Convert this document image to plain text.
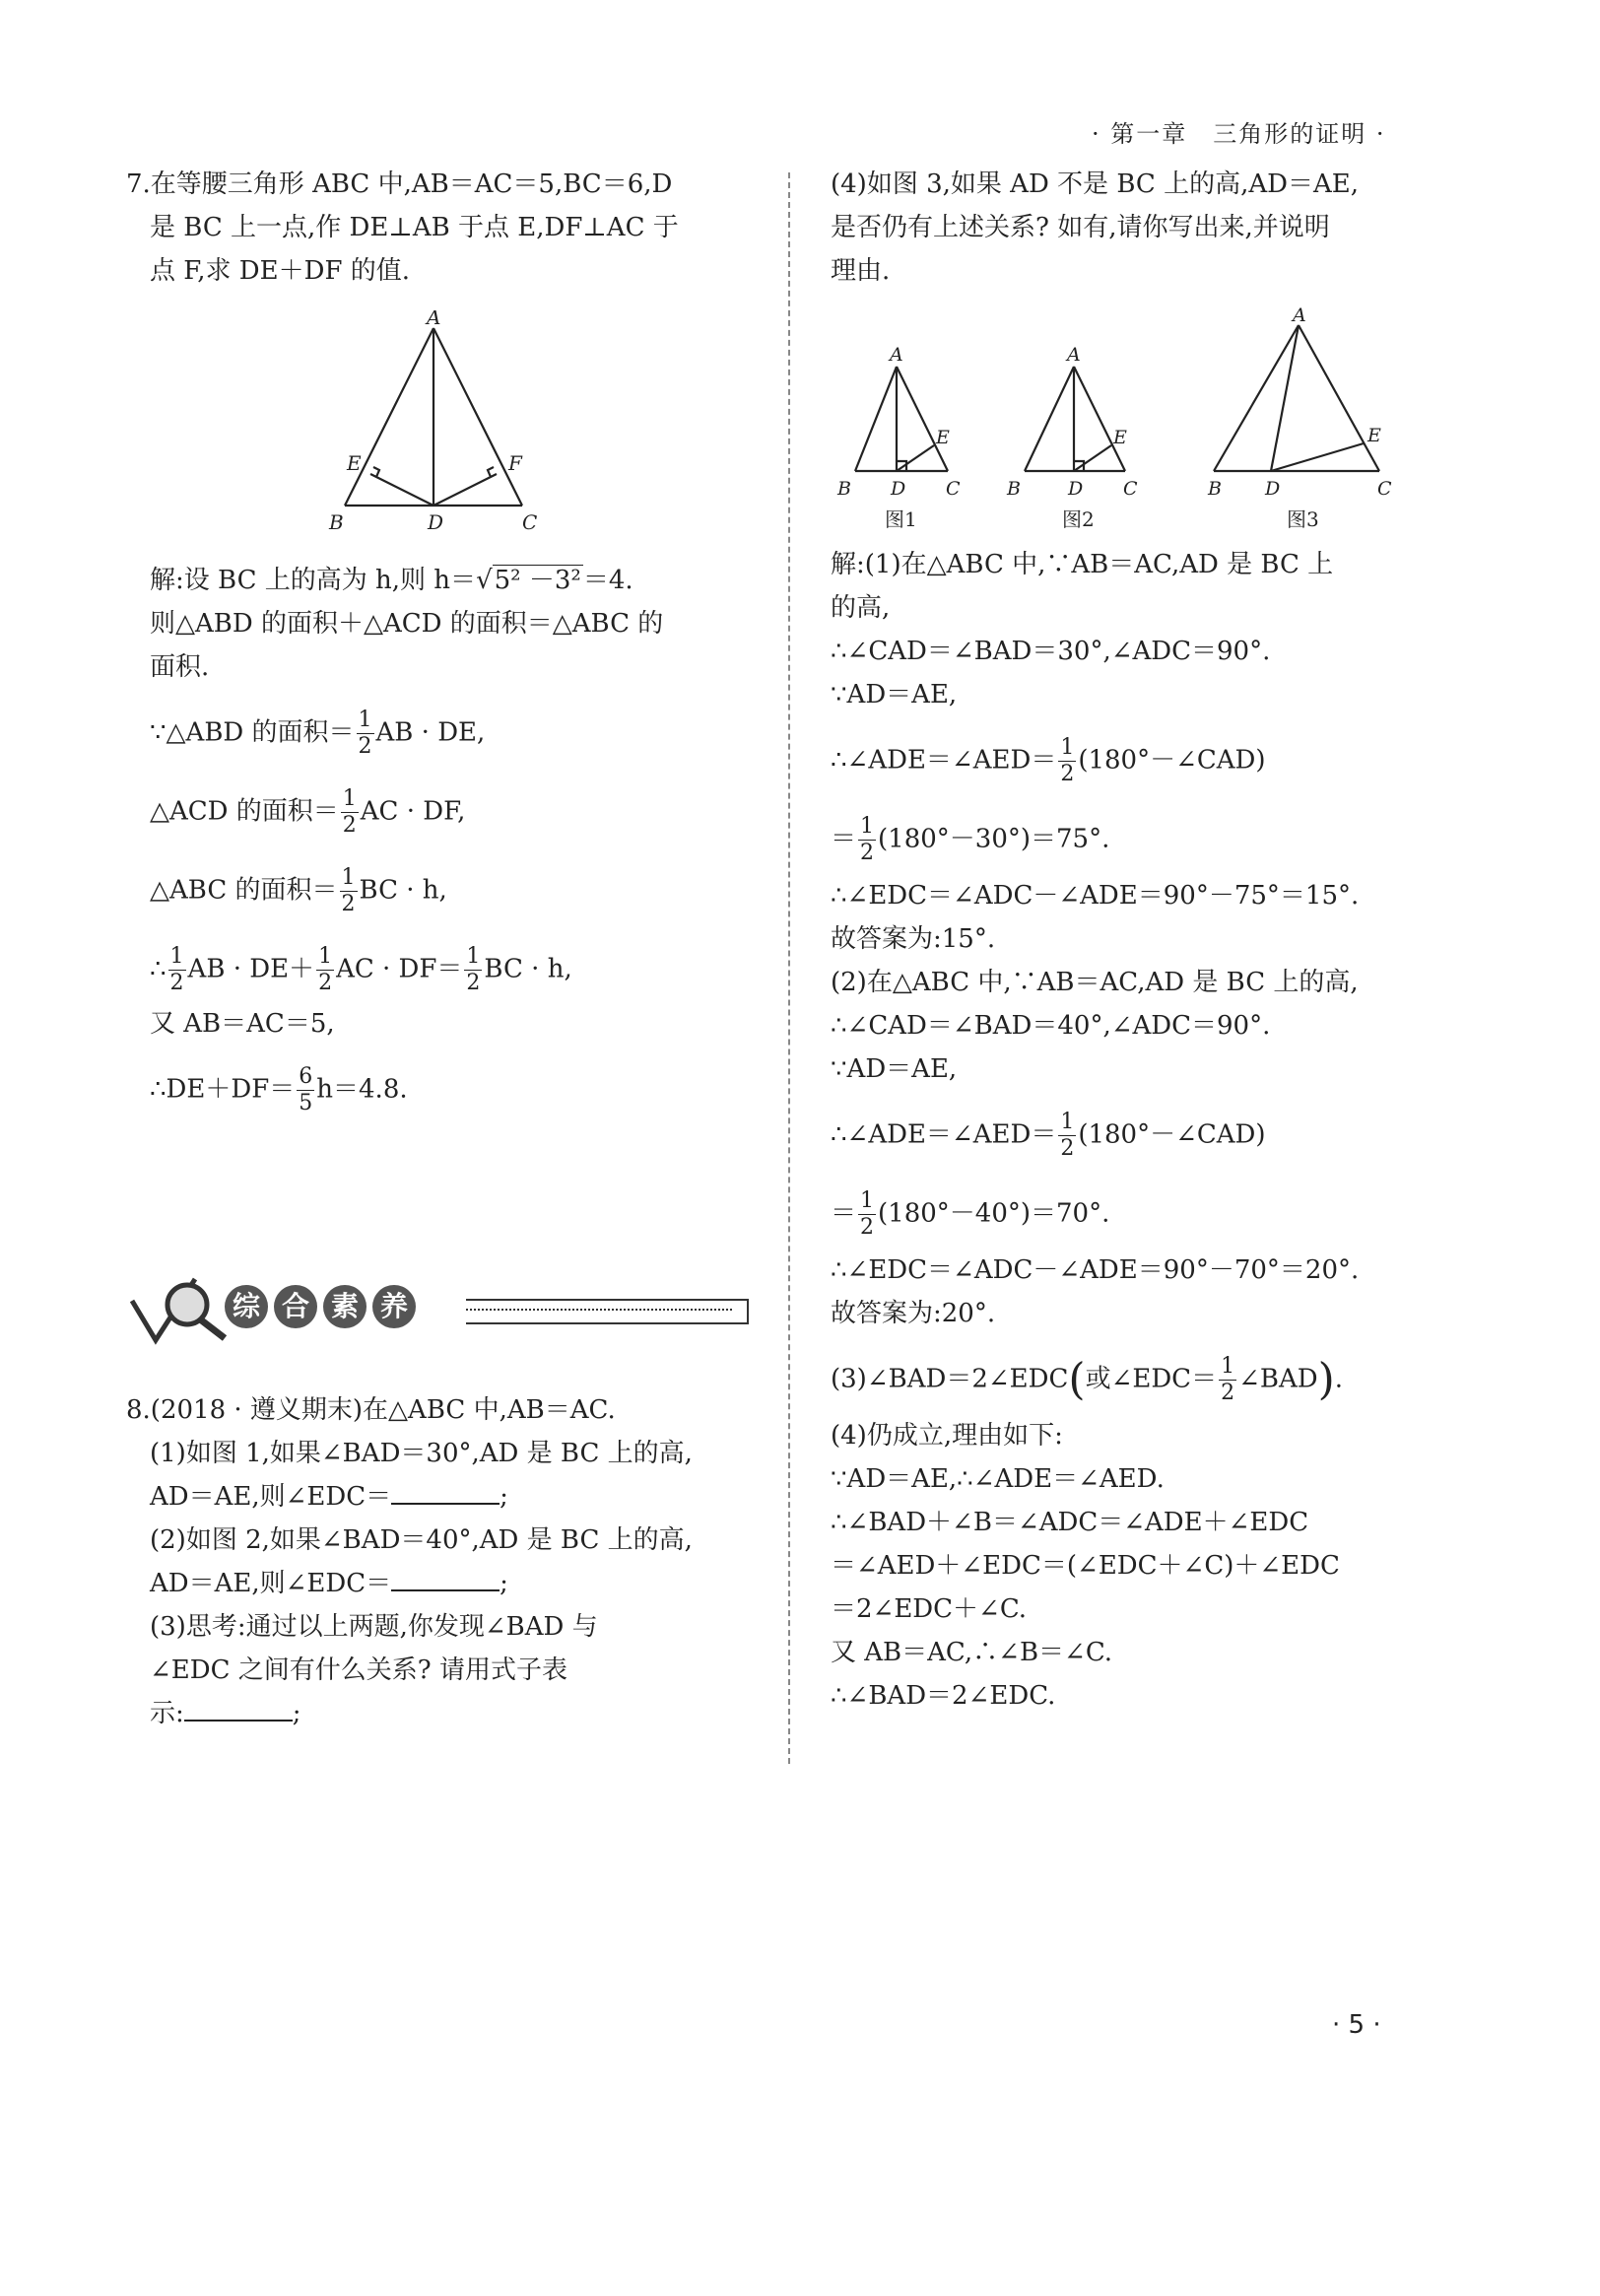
· 第一章　三角形的证明 ·
7.在等腰三角形 ABC 中,AB＝AC＝5,BC＝6,D
是 BC 上一点,作 DE⊥AB 于点 E,DF⊥AC 于
点 F,求 DE＋DF 的值.
A
B	C
D
E	F
解:设 BC 上的高为 h,则 h＝√5² －3²＝4.
则△ABD 的面积＋△ACD 的面积＝△ABC 的
面积.
∵△ABD 的面积＝ $\frac{1}{2}$ AB · DE,
△ACD 的面积＝ $\frac{1}{2}$ AC · DF,
△ABC 的面积＝ $\frac{1}{2}$ BC · h,
∴ $\frac{1}{2}$ AB · $DE+ \frac{1}{2}$ AC · $DF= \frac{1}{2}$ BC · h,
又 AB＝AC＝5,
∴DE＋DF＝ $\frac{6}{5} h=4.8$.
综 合 素 养
8.(2018 · 遵义期末)在△ABC 中,AB＝AC.
(1)如图 1,如果∠BAD＝30°,AD 是 BC 上的高,
AD＝AE,则∠EDC＝	;
(2)如图 2,如果∠BAD＝40°,AD 是 BC 上的高,
AD＝AE,则∠EDC＝	;
(3)思考:通过以上两题,你发现∠BAD 与
∠EDC 之间有什么关系? 请用式子表
示:	;
(4)如图 3,如果 AD 不是 BC 上的高,AD＝AE,
是否仍有上述关系? 如有,请你写出来,并说明
理由.
A
B D C
E
A
B	D C
E
A
B D	C
E
图1	图2	图3
解:(1)在△ABC 中,∵AB＝AC,AD 是 BC 上
的高,
∴∠CAD＝∠BAD＝30°,∠ADC＝90°.
∵AD＝AE,
∴∠ADE＝∠AED＝ $\frac{1}{2}$ (180°－∠CAD)
＝ $\frac{1}{2} (180^\circ-30^\circ)=75^\circ$.
∴∠EDC＝∠ADC－∠ADE＝90°－75°＝15°.
故答案为:15°.
(2)在△ABC 中,∵AB＝AC,AD 是 BC 上的高,
∴∠CAD＝∠BAD＝40°,∠ADC＝90°.
∵AD＝AE,
∴∠ADE＝∠AED＝ $\frac{1}{2}$ (180°－∠CAD)
＝ $\frac{1}{2} (180^\circ-40^\circ)=70^\circ$.
∴∠EDC＝∠ADC－∠ADE＝90°－70°＝20°.
故答案为:20°.
(3)∠BAD＝2∠EDC(或∠EDC＝ $\frac{1}{2}$ ∠BAD).
(4)仍成立,理由如下:
∵AD＝AE,∴∠ADE＝∠AED.
∴∠BAD＋∠B＝∠ADC＝∠ADE＋∠EDC
＝∠AED＋∠EDC＝(∠EDC＋∠C)＋∠EDC
＝2∠EDC＋∠C.
又 AB＝AC,∴∠B＝∠C.
∴∠BAD＝2∠EDC.
· 5 ·
